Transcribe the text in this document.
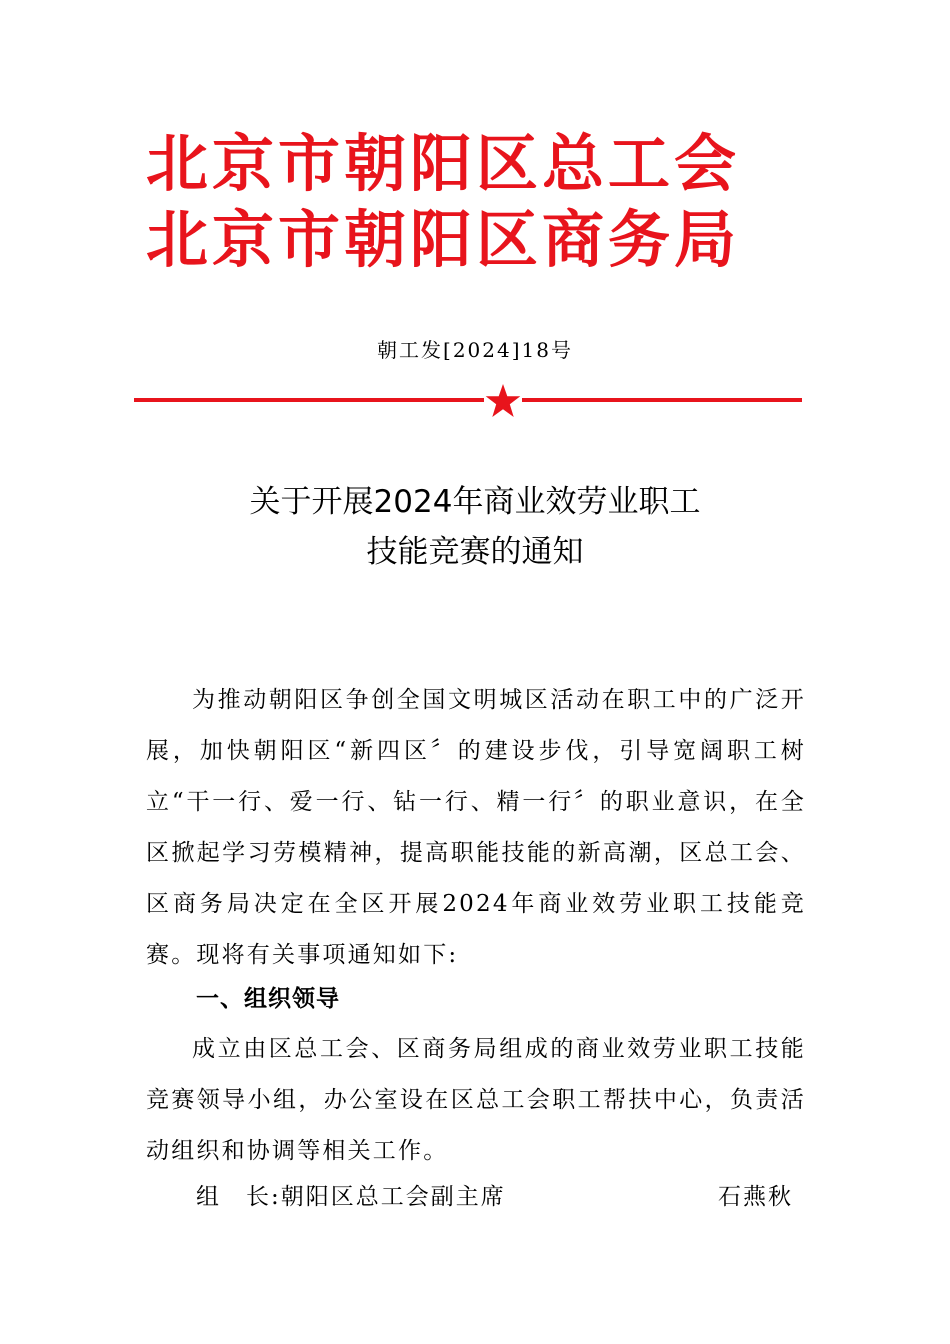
北京市朝阳区总工会
北京市朝阳区商务局
朝工发[2024]18号
关于开展2024年商业效劳业职工
技能竞赛的通知

为推动朝阳区争创全国文明城区活动在职工中的广泛开展，加快朝阳区“新四区〞的建设步伐，引导宽阔职工树立“干一行、爱一行、钻一行、精一行〞的职业意识，在全区掀起学习劳模精神，提高职能技能的新高潮，区总工会、区商务局决定在全区开展2024年商业效劳业职工技能竞赛。现将有关事项通知如下:

一、组织领导

成立由区总工会、区商务局组成的商业效劳业职工技能竞赛领导小组，办公室设在区总工会职工帮扶中心，负责活动组织和协调等相关工作。

组　长:朝阳区总工会副主席	石燕秋
